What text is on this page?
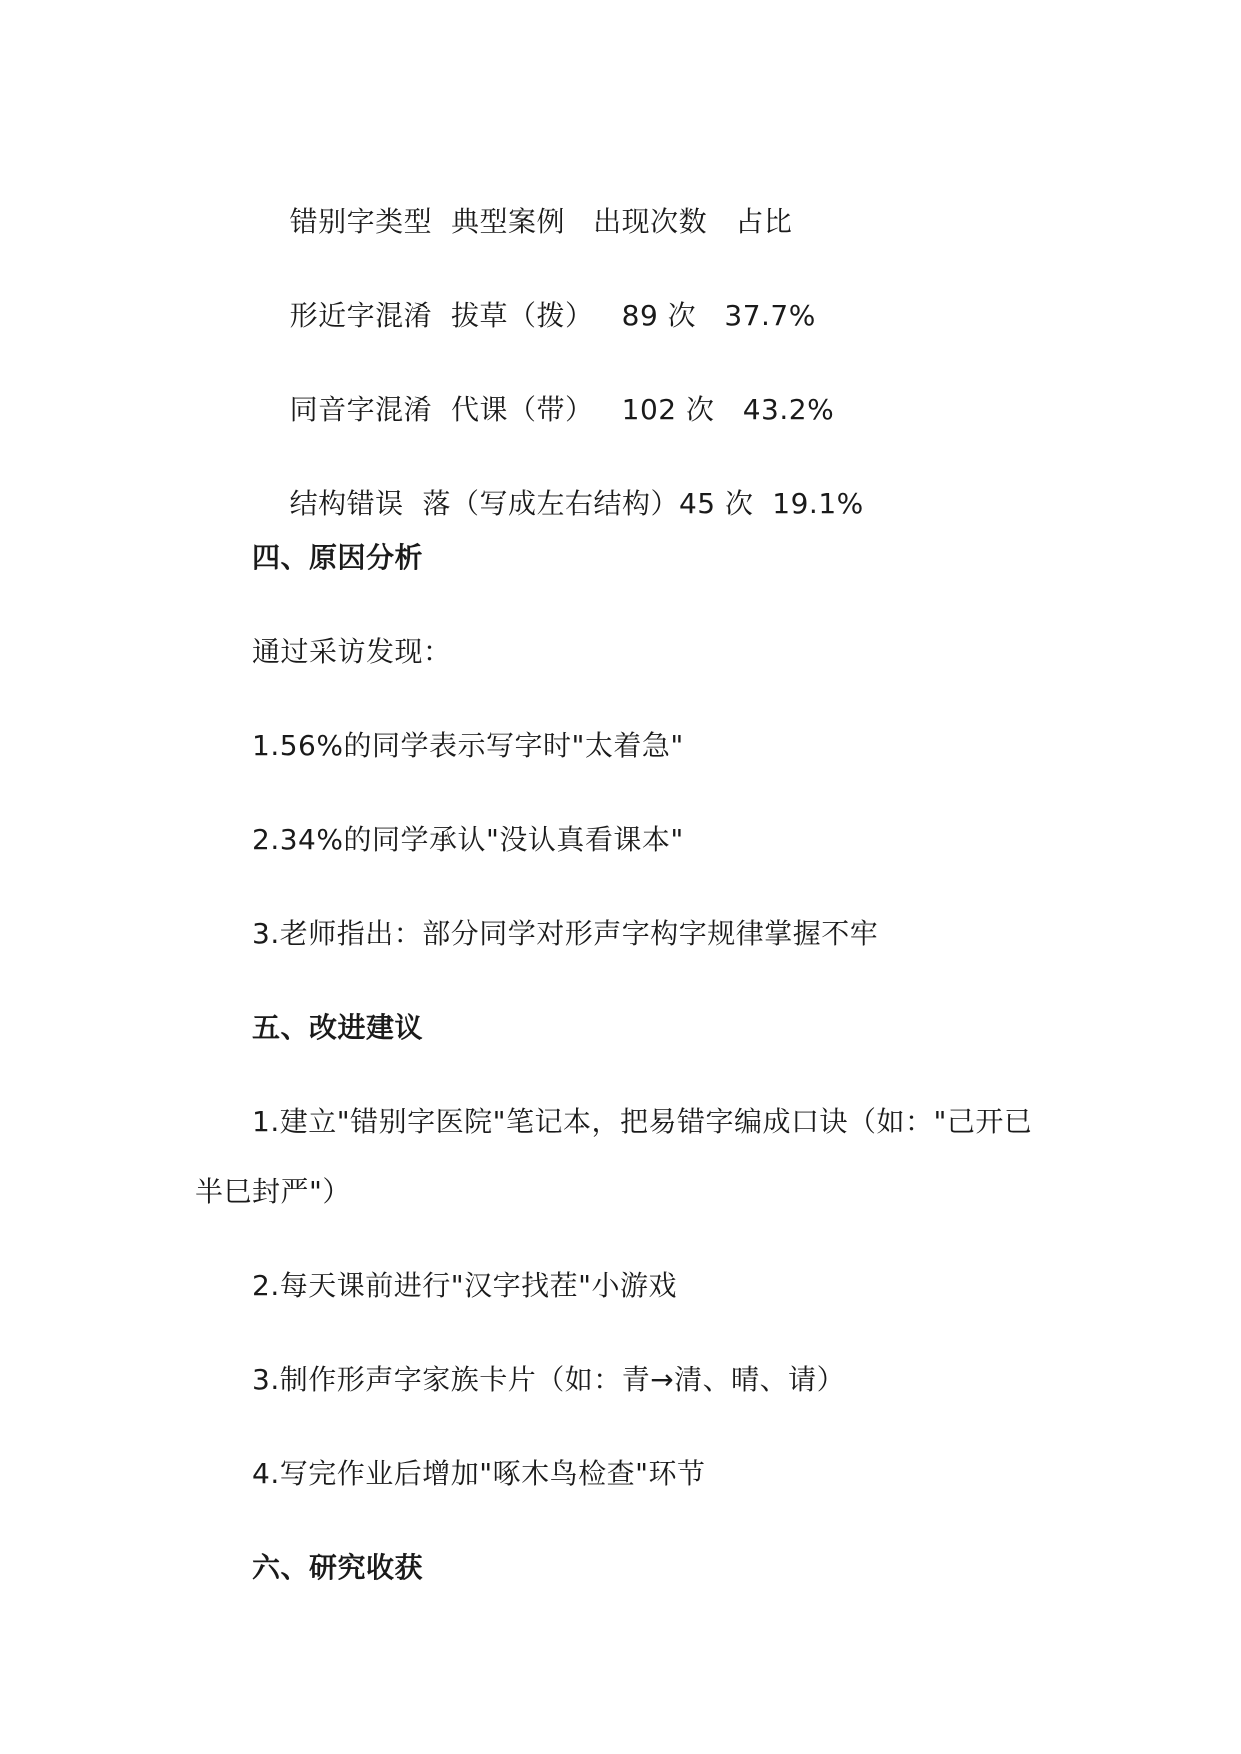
错别字类型 典型案例 出现次数 占比

形近字混淆 拔草（拨） 89 次 37.7%

同音字混淆 代课（带） 102 次 43.2%

结构错误 落（写成左右结构）45 次 19.1%

四、原因分析
通过采访发现：
1.56%的同学表示写字时"太着急"
2.34%的同学承认"没认真看课本"
3.老师指出：部分同学对形声字构字规律掌握不牢
五、改进建议
1.建立"错别字医院"笔记本，把易错字编成口诀（如："己开已
半巳封严"）
2.每天课前进行"汉字找茬"小游戏
3.制作形声字家族卡片（如：青→清、晴、请）
4.写完作业后增加"啄木鸟检查"环节
六、研究收获
